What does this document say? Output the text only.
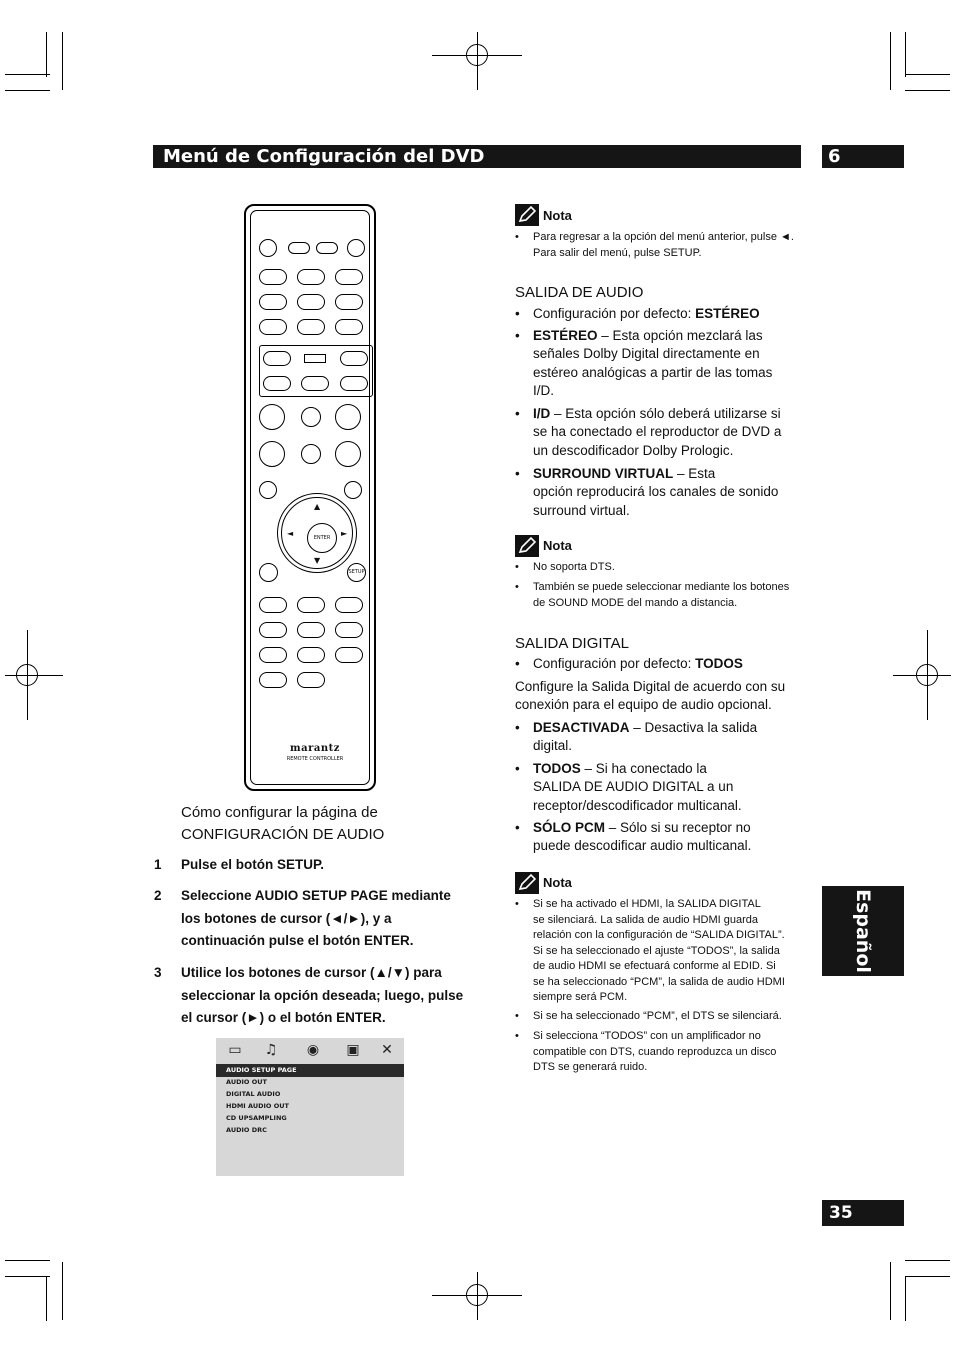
Menú de Configuración del DVD	6
Español
35
▲
▼
◄	►
ENTER
SETUP
marantz
REMOTE CONTROLLER
Cómo configurar la página de
CONFIGURACIÓN DE AUDIO
1 Pulse el botón SETUP.
2 Seleccione AUDIO SETUP PAGE mediante
los botones de cursor (◄/►), y a
continuación pulse el botón ENTER.
3 Utilice los botones de cursor (▲/▼) para
seleccionar la opción deseada; luego, pulse
el cursor (►) o el botón ENTER.
▭	♫	◉	▣	✕
AUDIO SETUP PAGE
AUDIO OUT
DIGITAL AUDIO
HDMI AUDIO OUT
CD UPSAMPLING
AUDIO DRC
Nota
• Para regresar a la opción del menú anterior, pulse ◄.
Para salir del menú, pulse SETUP.
SALIDA DE AUDIO
• Configuración por defecto: ESTÉREO
• ESTÉREO – Esta opción mezclará las
señales Dolby Digital directamente en
estéreo analógicas a partir de las tomas
I/D.
• I/D – Esta opción sólo deberá utilizarse si
se ha conectado el reproductor de DVD a
un descodificador Dolby Prologic.
• SURROUND VIRTUAL – Esta
opción reproducirá los canales de sonido
surround virtual.
Nota
• No soporta DTS.
• También se puede seleccionar mediante los botones
de SOUND MODE del mando a distancia.
SALIDA DIGITAL
• Configuración por defecto: TODOS
Configure la Salida Digital de acuerdo con su
conexión para el equipo de audio opcional.
• DESACTIVADA – Desactiva la salida
digital.
• TODOS – Si ha conectado la
SALIDA DE AUDIO DIGITAL a un
receptor/descodificador multicanal.
• SÓLO PCM – Sólo si su receptor no
puede descodificar audio multicanal.
Nota
• Si se ha activado el HDMI, la SALIDA DIGITAL
se silenciará. La salida de audio HDMI guarda
relación con la configuración de “SALIDA DIGITAL”.
Si se ha seleccionado el ajuste “TODOS”, la salida
de audio HDMI se efectuará conforme al EDID. Si
se ha seleccionado “PCM”, la salida de audio HDMI
siempre será PCM.
• Si se ha seleccionado “PCM”, el DTS se silenciará.
• Si selecciona “TODOS” con un amplificador no
compatible con DTS, cuando reproduzca un disco
DTS se generará ruido.
